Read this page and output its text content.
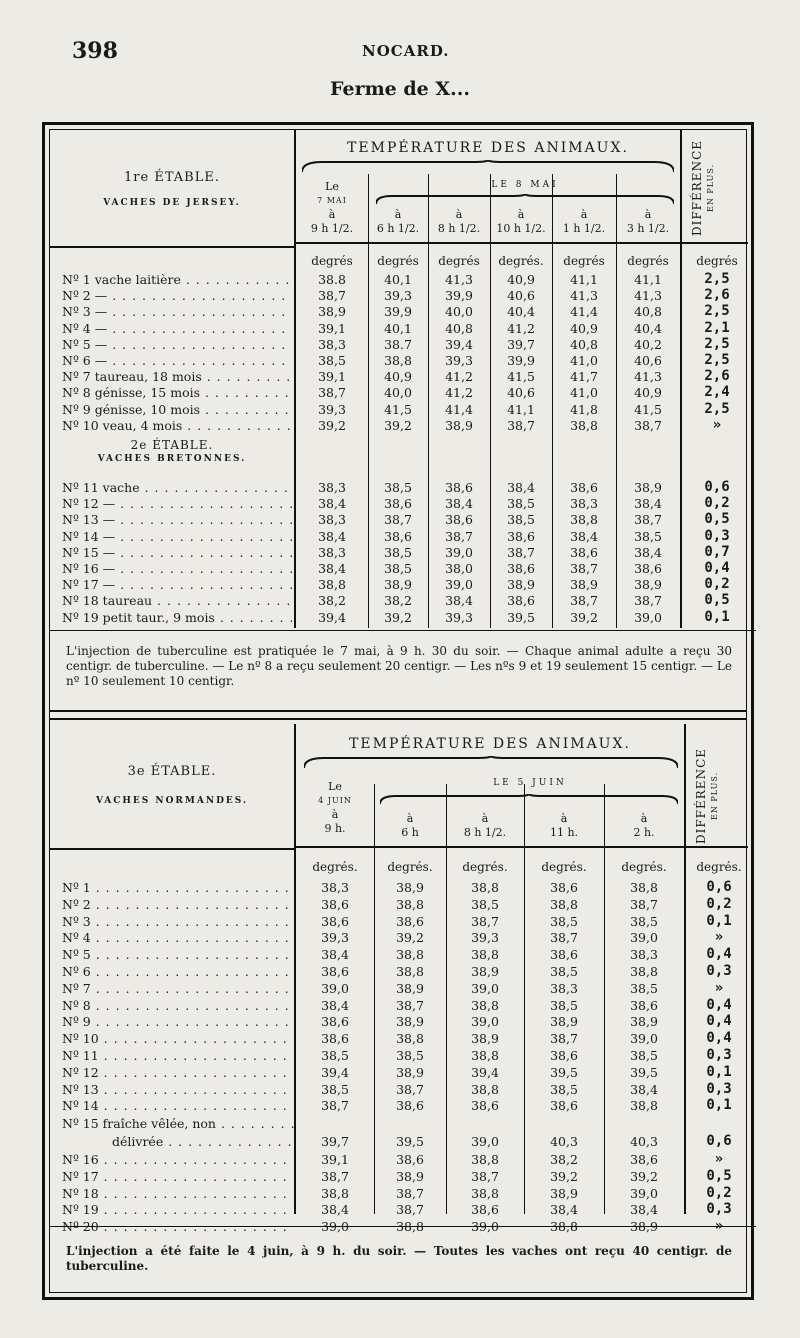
398	NOCARD.
Ferme de X...
1re ÉTABLE.
VACHES DE JERSEY.
TEMPÉRATURE DES ANIMAUX.
LE 8 MAI
Le
7 MAI
à
9 h 1/2.
à
6 h 1/2.
à
8 h 1/2.
à
10 h 1/2.
à
1 h 1/2.
à
3 h 1/2.	DIFFÉRENCE EN PLUS.
degrés	degrés	degrés	degrés.	degrés	degrés	degrés
Nº 1 vache laitière . . .	38.8	40,1	41,3	40,9	41,1	41,1	2,5
Nº 2 — . . .	38,7	39,3	39,9	40,6	41,3	41,3	2,6
Nº 3 — . . .	38,9	39,9	40,0	40,4	41,4	40,8	2,5
Nº 4 — . . .	39,1	40,1	40,8	41,2	40,9	40,4	2,1
Nº 5 — . . .	38,3	38.7	39,4	39,7	40,8	40,2	2,5
Nº 6 — . . .	38,5	38,8	39,3	39,9	41,0	40,6	2,5
Nº 7 taureau, 18 mois . . .	39,1	40,9	41,2	41,5	41,7	41,3	2,6
Nº 8 génisse, 15 mois . . .	38,7	40,0	41,2	40,6	41,0	40,9	2,4
Nº 9 génisse, 10 mois . . .	39,3	41,5	41,4	41,1	41,8	41,5	2,5
Nº 10 veau, 4 mois . . .	39,2	39,2	38,9	38,7	38,8	38,7	»
2e ÉTABLE.
VACHES BRETONNES.
Nº 11 vache . . .	38,3	38,5	38,6	38,4	38,6	38,9	0,6
Nº 12 — . . .	38,4	38,6	38,4	38,5	38,3	38,4	0,2
Nº 13 — . . .	38,3	38,7	38,6	38,5	38,8	38,7	0,5
Nº 14 — . . .	38,4	38,6	38,7	38,6	38,4	38,5	0,3
Nº 15 — . . .	38,3	38,5	39,0	38,7	38,6	38,4	0,7
Nº 16 — . . .	38,4	38,5	38,0	38,6	38,7	38,6	0,4
Nº 17 — . . .	38,8	38,9	39,0	38,9	38,9	38,9	0,2
Nº 18 taureau . . .	38,2	38,2	38,4	38,6	38,7	38,7	0,5
Nº 19 petit taur., 9 mois . . .	39,4	39,2	39,3	39,5	39,2	39,0	0,1
L'injection de tuberculine est pratiquée le 7 mai, à 9 h. 30 du soir. — Chaque animal adulte a reçu 30 centigr. de tuberculine. — Le nº 8 a reçu seulement 20 centigr. — Les nºs 9 et 19 seulement 15 centigr. — Le nº 10 seulement 10 centigr.
3e ÉTABLE.
VACHES NORMANDES.
TEMPÉRATURE DES ANIMAUX.
LE 5 JUIN
Le
4 JUIN
à
9 h.
à
6 h
à
8 h 1/2.
à
11 h.
à
2 h.	DIFFÉRENCE EN PLUS.
degrés.	degrés.	degrés.	degrés.	degrés.	degrés.
Nº 1 . . .	38,3	38,9	38,8	38,6	38,8	0,6
Nº 2 . . .	38,6	38,8	38,5	38,8	38,7	0,2
Nº 3 . . .	38,6	38,6	38,7	38,5	38,5	0,1
Nº 4 . . .	39,3	39,2	39,3	38,7	39,0	»
Nº 5 . . .	38,4	38,8	38,8	38,6	38,3	0,4
Nº 6 . . .	38,6	38,8	38,9	38,5	38,8	0,3
Nº 7 . . .	39,0	38,9	39,0	38,3	38,5	»
Nº 8 . . .	38,4	38,7	38,8	38,5	38,6	0,4
Nº 9 . . .	38,6	38,9	39,0	38,9	38,9	0,4
Nº 10 . . .	38,6	38,8	38,9	38,7	39,0	0,4
Nº 11 . . .	38,5	38,5	38,8	38,6	38,5	0,3
Nº 12 . . .	39,4	38,9	39,4	39,5	39,5	0,1
Nº 13 . . .	38,5	38,7	38,8	38,5	38,4	0,3
Nº 14 . . .	38,7	38,6	38,6	38,6	38,8	0,1
Nº 15 fraîche vêlée, non . . .
délivrée . . .	39,7	39,5	39,0	40,3	40,3	0,6
Nº 16 . . .	39,1	38,6	38,8	38,2	38,6	»
Nº 17 . . .	38,7	38,9	38,7	39,2	39,2	0,5
Nº 18 . . .	38,8	38,7	38,8	38,9	39,0	0,2
Nº 19 . . .	38,4	38,7	38,6	38,4	38,4	0,3
Nº 20 . . .	39,0	38,8	39,0	38,8	38,9	»
L'injection a été faite le 4 juin, à 9 h. du soir. — Toutes les vaches ont reçu 40 centigr. de tuberculine.
